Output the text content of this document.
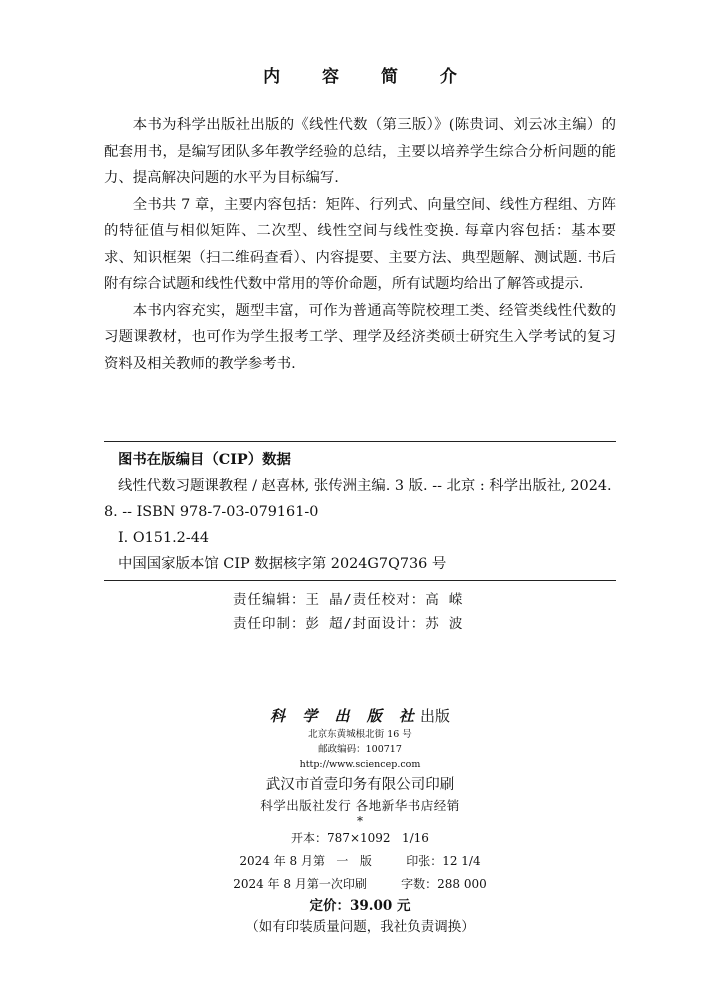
内 容 简 介

本书为科学出版社出版的《线性代数（第三版）》(陈贵词、刘云冰主编）的配套用书，是编写团队多年教学经验的总结，主要以培养学生综合分析问题的能力、提高解决问题的水平为目标编写.

全书共 7 章，主要内容包括：矩阵、行列式、向量空间、线性方程组、方阵的特征值与相似矩阵、二次型、线性空间与线性变换. 每章内容包括：基本要求、知识框架（扫二维码查看）、内容提要、主要方法、典型题解、测试题. 书后附有综合试题和线性代数中常用的等价命题，所有试题均给出了解答或提示.

本书内容充实，题型丰富，可作为普通高等院校理工类、经管类线性代数的习题课教材，也可作为学生报考工学、理学及经济类硕士研究生入学考试的复习资料及相关教师的教学参考书.

图书在版编目（CIP）数据
线性代数习题课教程 / 赵喜林, 张传洲主编. 3 版. -- 北京 : 科学出版社, 2024. 8. -- ISBN 978-7-03-079161-0
Ⅰ. O151.2-44
中国国家版本馆 CIP 数据核字第 2024G7Q736 号
责任编辑：王 晶/责任校对：高 嵘
责任印制：彭 超/封面设计：苏 波
科 学 出 版 社出版
北京东黄城根北街 16 号
邮政编码：100717
http://www.sciencep.com
武汉市首壹印务有限公司印刷
科学出版社发行 各地新华书店经销
*
开本：787×1092   1/16
2024 年 8 月第   一   版         印张：12 1/4
2024 年 8 月第一次印刷         字数：288 000
定价：39.00 元
（如有印装质量问题，我社负责调换）
